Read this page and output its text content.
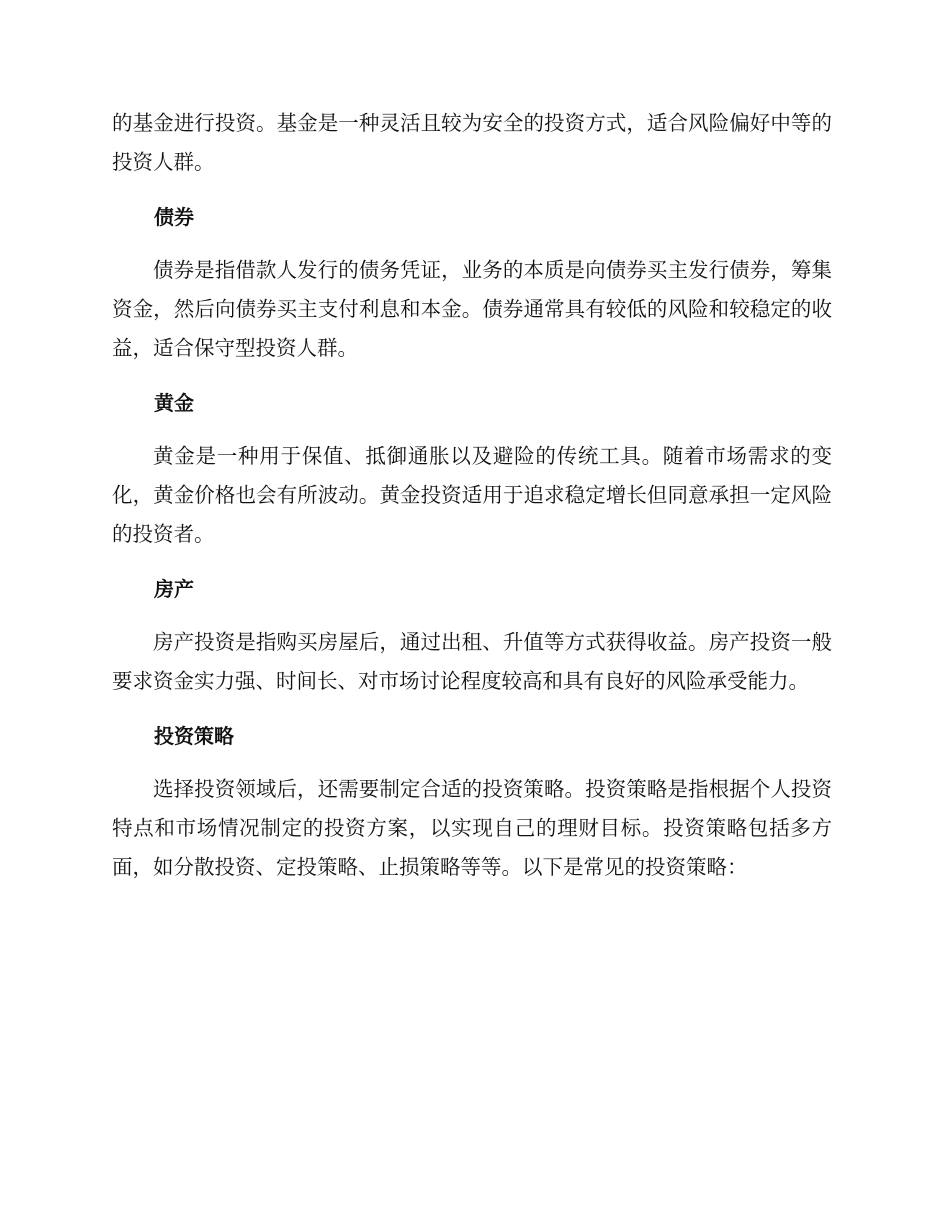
的基金进行投资。基金是一种灵活且较为安全的投资方式，适合风险偏好中等的投资人群。

债券

债券是指借款人发行的债务凭证，业务的本质是向债券买主发行债券，筹集资金，然后向债券买主支付利息和本金。债券通常具有较低的风险和较稳定的收益，适合保守型投资人群。

黄金

黄金是一种用于保值、抵御通胀以及避险的传统工具。随着市场需求的变化，黄金价格也会有所波动。黄金投资适用于追求稳定增长但同意承担一定风险的投资者。

房产

房产投资是指购买房屋后，通过出租、升值等方式获得收益。房产投资一般要求资金实力强、时间长、对市场讨论程度较高和具有良好的风险承受能力。

投资策略

选择投资领域后，还需要制定合适的投资策略。投资策略是指根据个人投资特点和市场情况制定的投资方案，以实现自己的理财目标。投资策略包括多方面，如分散投资、定投策略、止损策略等等。以下是常见的投资策略：
